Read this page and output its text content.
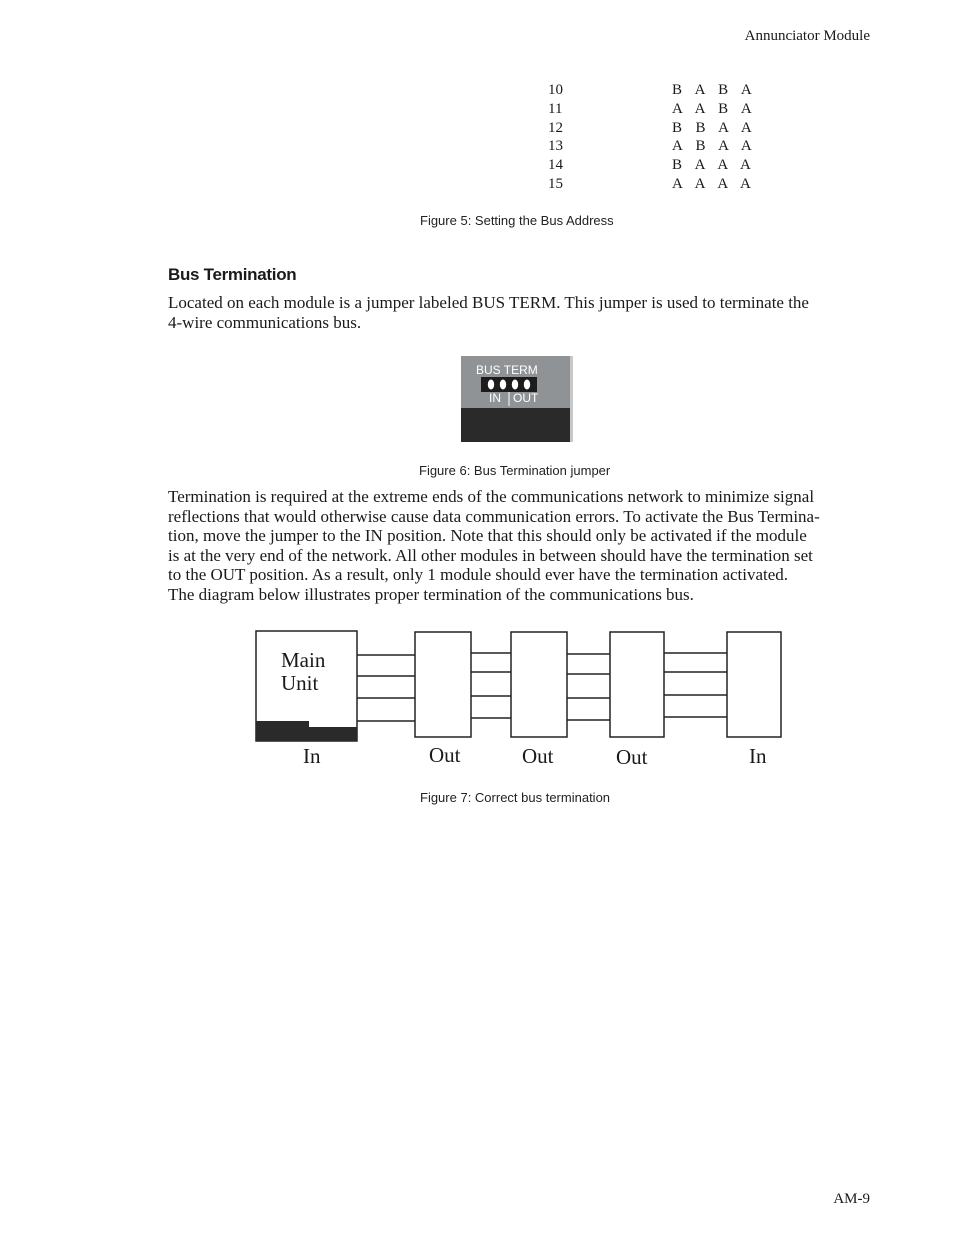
Annunciator Module
10	B  A  B  A
11	A  A  B  A
12	B  B  A  A
13	A  B  A  A
14	B  A  A  A
15	A  A  A  A
Figure 5: Setting the Bus Address
Bus Termination

Located on each module is a jumper labeled BUS TERM. This jumper is used to terminate the

4-wire communications bus.

BUS TERM
IN OUT
Figure 6: Bus Termination jumper

Termination is required at the extreme ends of the communications network to minimize signal

reflections that would otherwise cause data communication errors. To activate the Bus Termina-

tion, move the jumper to the IN position. Note that this should only be activated if the module

is at the very end of the network. All other modules in between should have the termination set

to the OUT position. As a result, only 1 module should ever have the termination activated.

The diagram below illustrates proper termination of the communications bus.

Main
Unit
In	Out	Out	Out	In
Figure 7: Correct bus termination
AM-9
